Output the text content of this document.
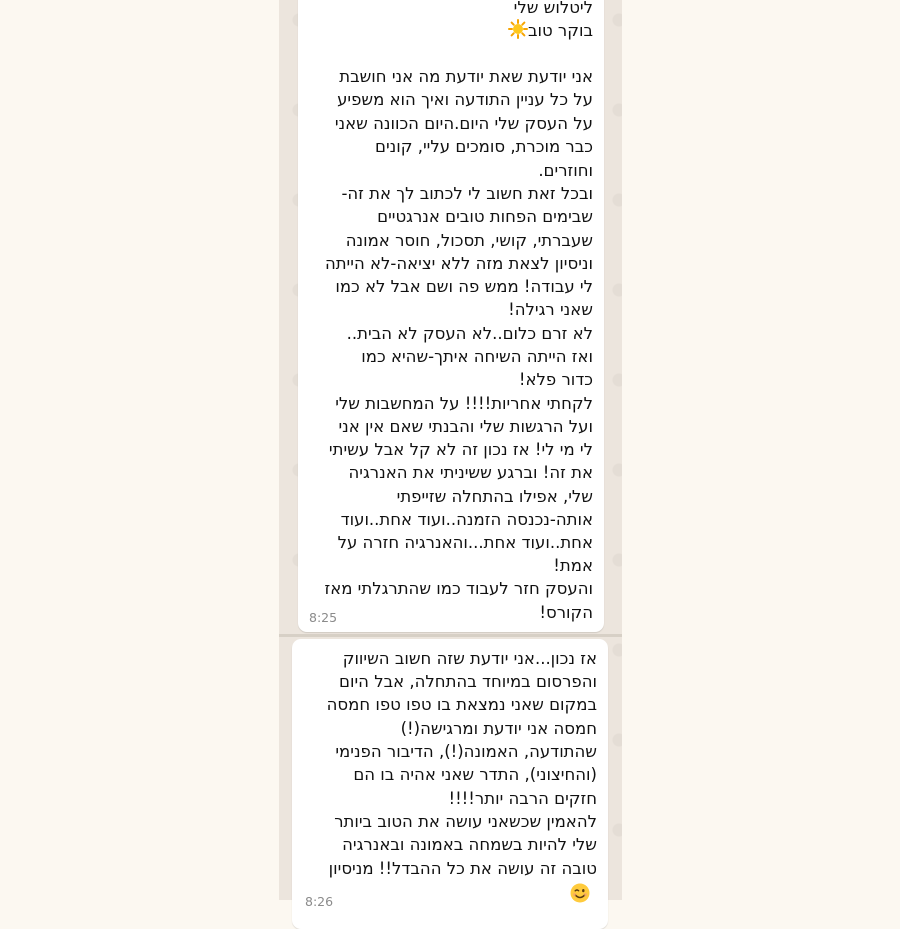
ליטלוש שלי
בוקר טוב
אני יודעת שאת יודעת מה אני חושבת
על כל עניין התודעה ואיך הוא משפיע
על העסק שלי היום.היום הכוונה שאני
כבר מוכרת, סומכים עליי, קונים
וחוזרים.
ובכל זאת חשוב לי לכתוב לך את זה-
שבימים הפחות טובים אנרגטיים
שעברתי, קושי, תסכול, חוסר אמונה
וניסיון לצאת מזה ללא יציאה-לא הייתה
לי עבודה! ממש פה ושם אבל לא כמו
שאני רגילה!
לא זרם כלום..לא העסק לא הבית..
ואז הייתה השיחה איתך-שהיא כמו
כדור פלא!
לקחתי אחריות!!!! על המחשבות שלי
ועל הרגשות שלי והבנתי שאם אין אני
לי מי לי! אז נכון זה לא קל אבל עשיתי
את זה! וברגע ששיניתי את האנרגיה
שלי, אפילו בהתחלה שזייפתי
אותה-נכנסה הזמנה..ועוד אחת..ועוד
אחת..ועוד אחת...והאנרגיה חזרה על
אמת!
והעסק חזר לעבוד כמו שהתרגלתי מאז
הקורס!
8:25
אז נכון...אני יודעת שזה חשוב השיווק
והפרסום במיוחד בהתחלה, אבל היום
במקום שאני נמצאת בו טפו טפו חמסה
חמסה אני יודעת ומרגישה(!)
שהתודעה, האמונה(!), הדיבור הפנימי
(והחיצוני), התדר שאני אהיה בו הם
חזקים הרבה יותר!!!!
להאמין שכשאני עושה את הטוב ביותר
שלי להיות בשמחה באמונה ובאנרגיה
טובה זה עושה את כל ההבדל!! מניסיון
8:26
